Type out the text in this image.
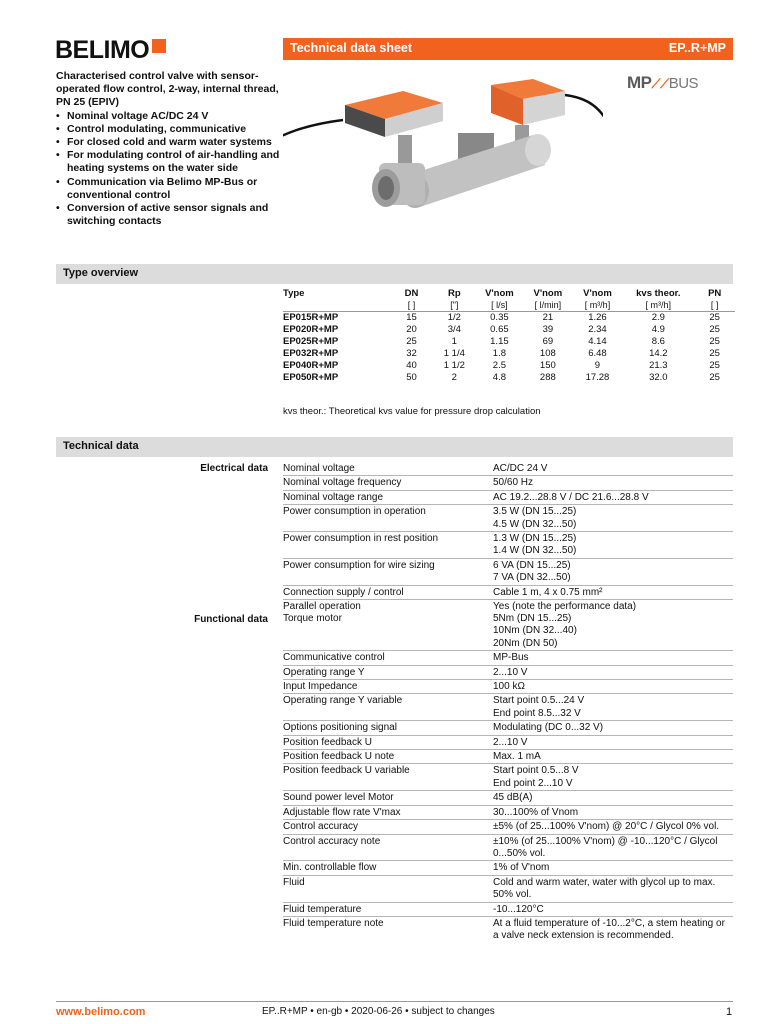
BELIMO	Technical data sheet	EP..R+MP
MP⟋⟋BUS
Characterised control valve with sensor-operated flow control, 2-way, internal thread, PN 25 (EPIV)
• Nominal voltage AC/DC 24 V
• Control modulating, communicative
• For closed cold and warm water systems
• For modulating control of air-handling and heating systems on the water side
• Communication via Belimo MP-Bus or conventional control
• Conversion of active sensor signals and switching contacts
Type overview
Type	DN	Rp	V'nom	V'nom	V'nom	kvs theor.	PN
	[ ]	["]	[ l/s]	[ l/min]	[ m³/h]	[ m³/h]	[ ]
EP015R+MP	15	1/2	0.35	21	1.26	2.9	25
EP020R+MP	20	3/4	0.65	39	2.34	4.9	25
EP025R+MP	25	1	1.15	69	4.14	8.6	25
EP032R+MP	32	1 1/4	1.8	108	6.48	14.2	25
EP040R+MP	40	1 1/2	2.5	150	9	21.3	25
EP050R+MP	50	2	4.8	288	17.28	32.0	25
kvs theor.: Theoretical kvs value for pressure drop calculation
Technical data
Electrical data Nominal voltage	AC/DC 24 V
Nominal voltage frequency	50/60 Hz
Nominal voltage range	AC 19.2...28.8 V / DC 21.6...28.8 V
Power consumption in operation	3.5 W (DN 15...25)
4.5 W (DN 32...50)
Power consumption in rest position	1.3 W (DN 15...25)
1.4 W (DN 32...50)
Power consumption for wire sizing	6 VA (DN 15...25)
7 VA (DN 32...50)
Connection supply / control	Cable 1 m, 4 x 0.75 mm²
Parallel operation	Yes (note the performance data)
Functional data Torque motor	5Nm (DN 15...25)
10Nm (DN 32...40)
20Nm (DN 50)
Communicative control	MP-Bus
Operating range Y	2...10 V
Input Impedance	100 kΩ
Operating range Y variable	Start point 0.5...24 V
End point 8.5...32 V
Options positioning signal	Modulating (DC 0...32 V)
Position feedback U	2...10 V
Position feedback U note	Max. 1 mA
Position feedback U variable	Start point 0.5...8 V
End point 2...10 V
Sound power level Motor	45 dB(A)
Adjustable flow rate V'max	30...100% of Vnom
Control accuracy	±5% (of 25...100% V'nom) @ 20°C / Glycol 0% vol.
Control accuracy note	±10% (of 25...100% V'nom) @ -10...120°C / Glycol 0...50% vol.
Min. controllable flow	1% of V'nom
Fluid	Cold and warm water, water with glycol up to max. 50% vol.
Fluid temperature	-10...120°C
Fluid temperature note	At a fluid temperature of -10...2°C, a stem heating or a valve neck extension is recommended.
www.belimo.com	EP..R+MP • en-gb • 2020-06-26 • subject to changes	1
